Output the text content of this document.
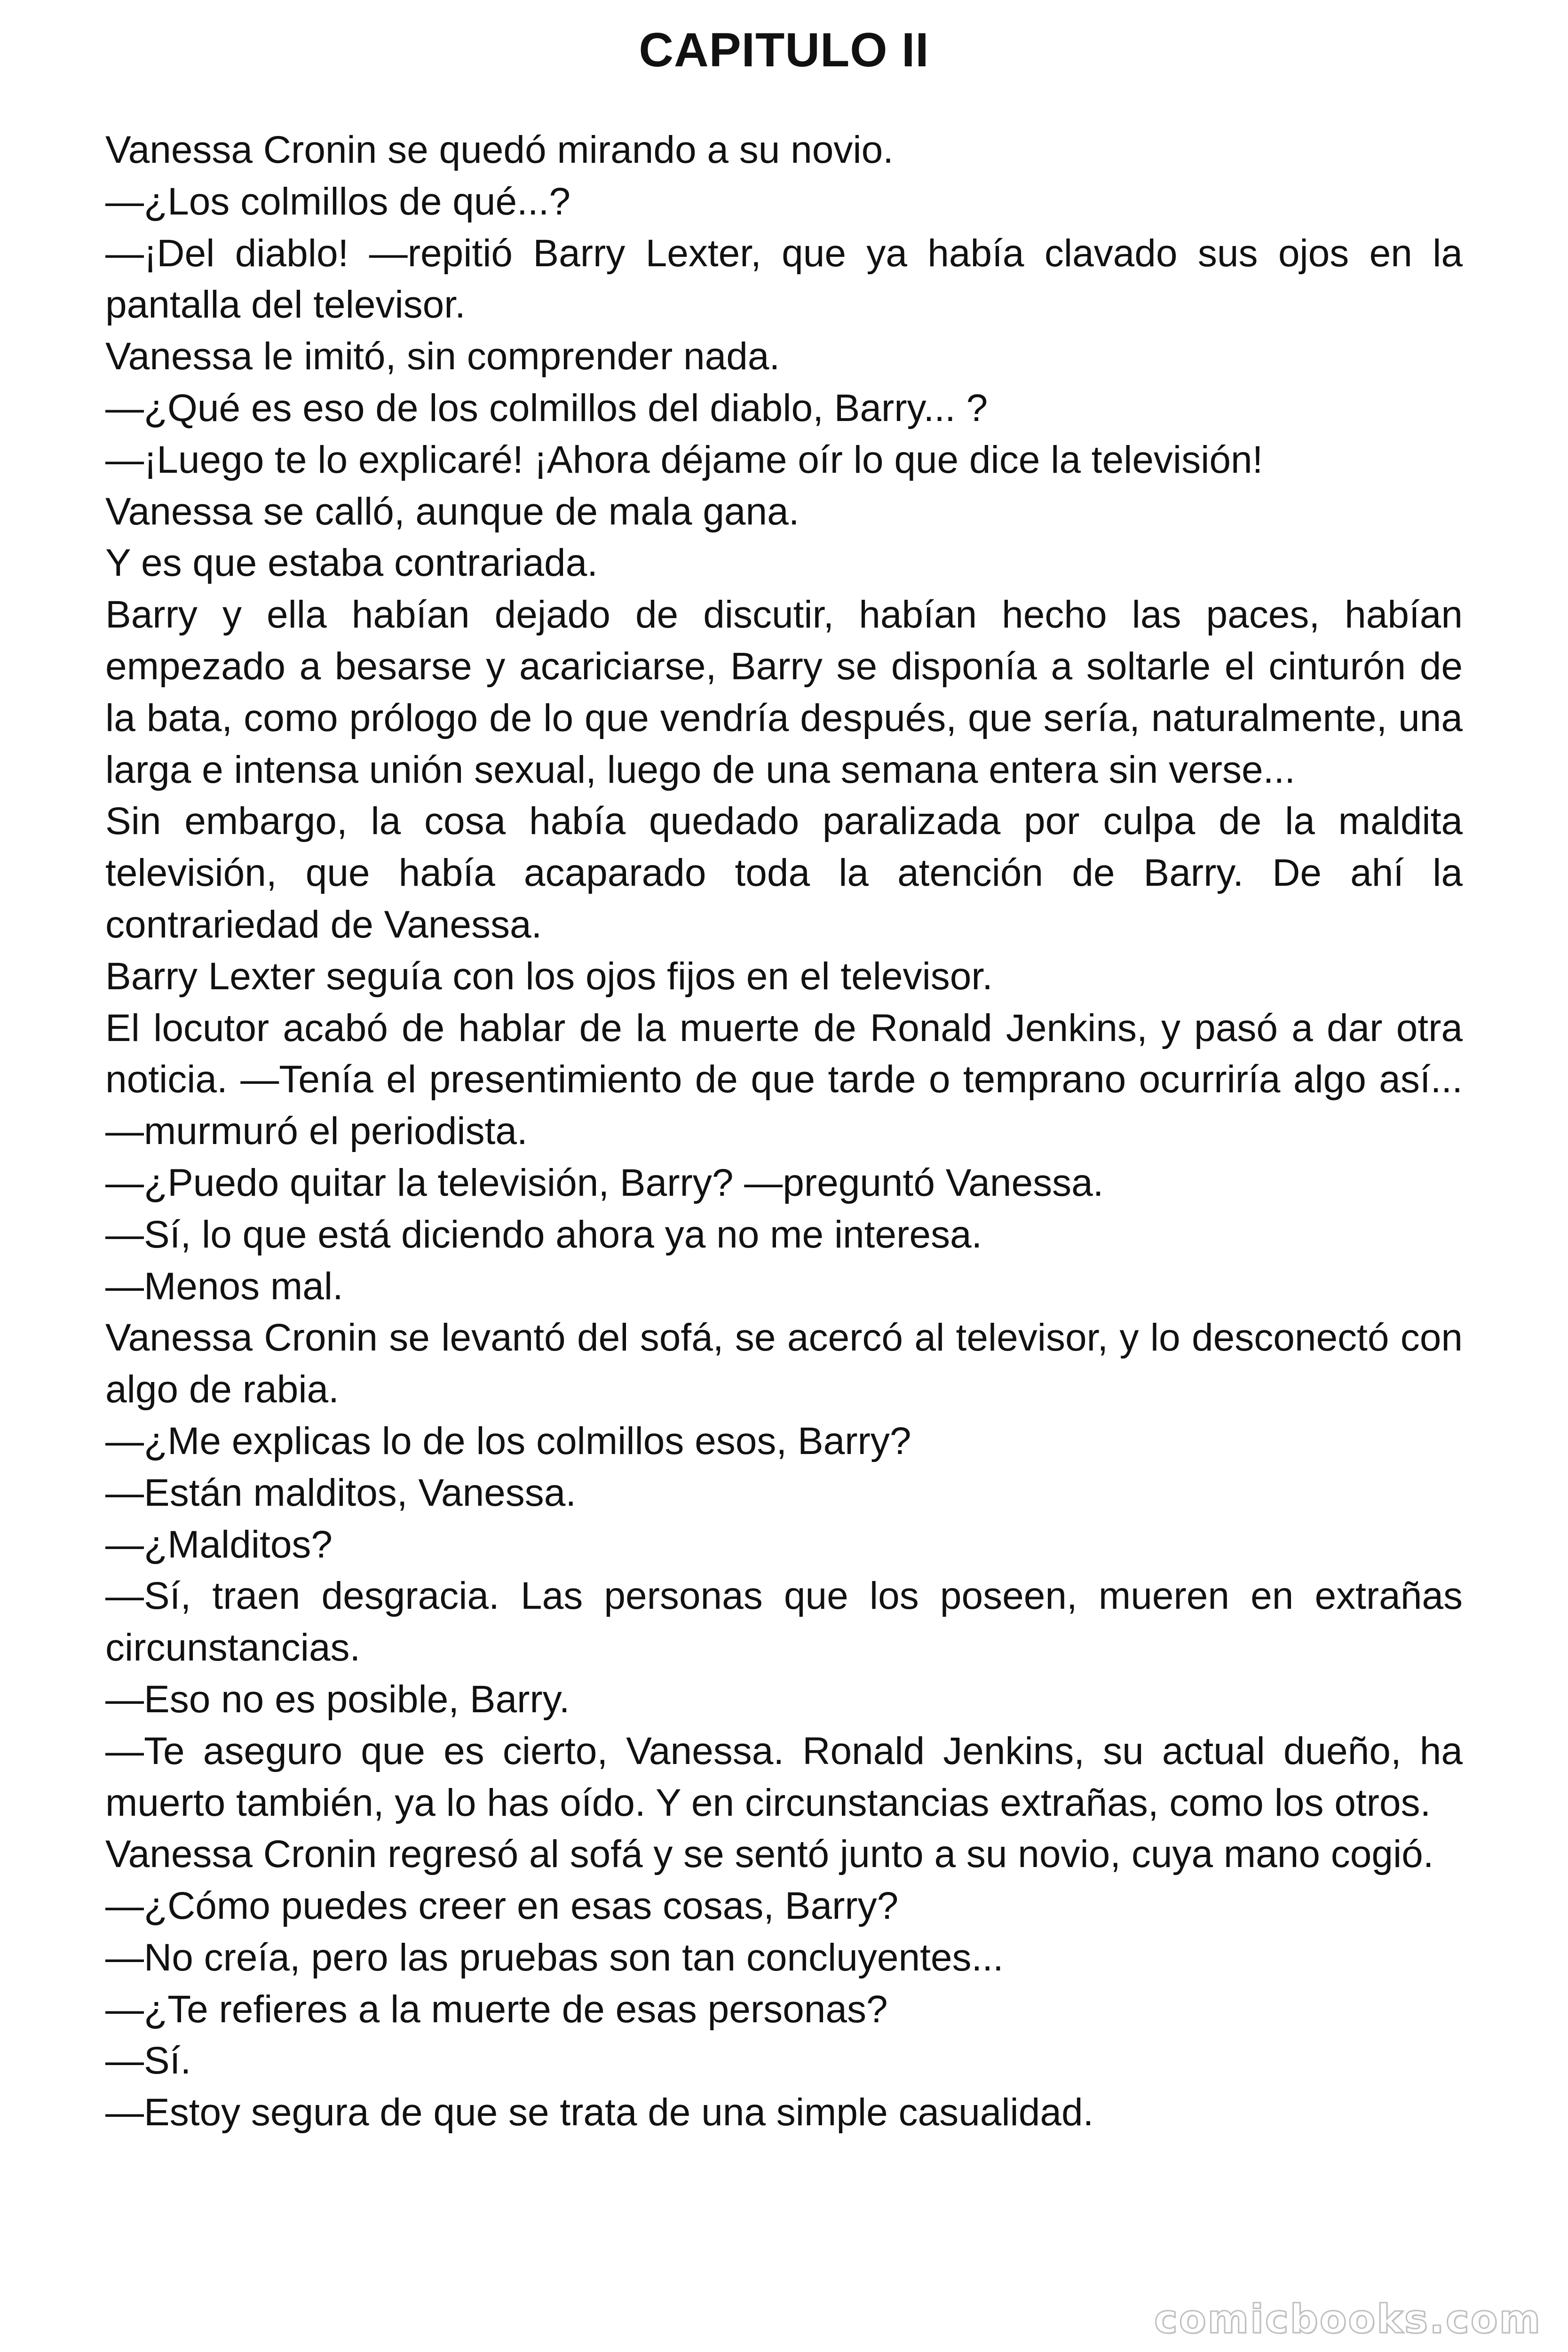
CAPITULO II

Vanessa Cronin se quedó mirando a su novio.

—¿Los colmillos de qué...?

—¡Del diablo! —repitió Barry Lexter, que ya había clavado sus ojos en la pantalla del televisor.

Vanessa le imitó, sin comprender nada.

—¿Qué es eso de los colmillos del diablo, Barry... ?

—¡Luego te lo explicaré! ¡Ahora déjame oír lo que dice la televisión!

Vanessa se calló, aunque de mala gana.

Y es que estaba contrariada.

Barry y ella habían dejado de discutir, habían hecho las paces, habían empezado a besarse y acariciarse, Barry se disponía a soltarle el cinturón de la bata, como prólogo de lo que vendría después, que sería, naturalmente, una larga e intensa unión sexual, luego de una semana entera sin verse...

Sin embargo, la cosa había quedado paralizada por culpa de la maldita televisión, que había acaparado toda la atención de Barry. De ahí la contrariedad de Vanessa.

Barry Lexter seguía con los ojos fijos en el televisor.

El locutor acabó de hablar de la muerte de Ronald Jenkins, y pasó a dar otra noticia. —Tenía el presentimiento de que tarde o temprano ocurriría algo así... —murmuró el periodista.

—¿Puedo quitar la televisión, Barry? —preguntó Vanessa.

—Sí, lo que está diciendo ahora ya no me interesa.

—Menos mal.

Vanessa Cronin se levantó del sofá, se acercó al televisor, y lo desconectó con algo de rabia.

—¿Me explicas lo de los colmillos esos, Barry?

—Están malditos, Vanessa.

—¿Malditos?

—Sí, traen desgracia. Las personas que los poseen, mueren en extrañas circunstancias.

—Eso no es posible, Barry.

—Te aseguro que es cierto, Vanessa. Ronald Jenkins, su actual dueño, ha muerto también, ya lo has oído. Y en circunstancias extrañas, como los otros.

Vanessa Cronin regresó al sofá y se sentó junto a su novio, cuya mano cogió.

—¿Cómo puedes creer en esas cosas, Barry?

—No creía, pero las pruebas son tan concluyentes...

—¿Te refieres a la muerte de esas personas?

—Sí.

—Estoy segura de que se trata de una simple casualidad.

comicbooks.com
